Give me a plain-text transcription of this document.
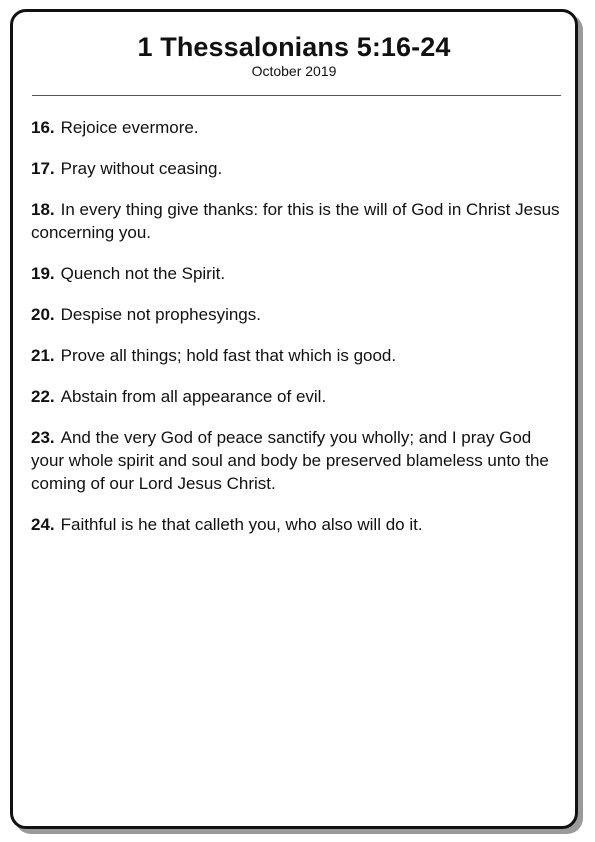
1 Thessalonians 5:16-24
October 2019

16. Rejoice evermore.

17. Pray without ceasing.

18. In every thing give thanks: for this is the will of God in Christ Jesus concerning you.

19. Quench not the Spirit.

20. Despise not prophesyings.

21. Prove all things; hold fast that which is good.

22. Abstain from all appearance of evil.

23. And the very God of peace sanctify you wholly; and I pray God your whole spirit and soul and body be preserved blameless unto the coming of our Lord Jesus Christ.

24. Faithful is he that calleth you, who also will do it.
